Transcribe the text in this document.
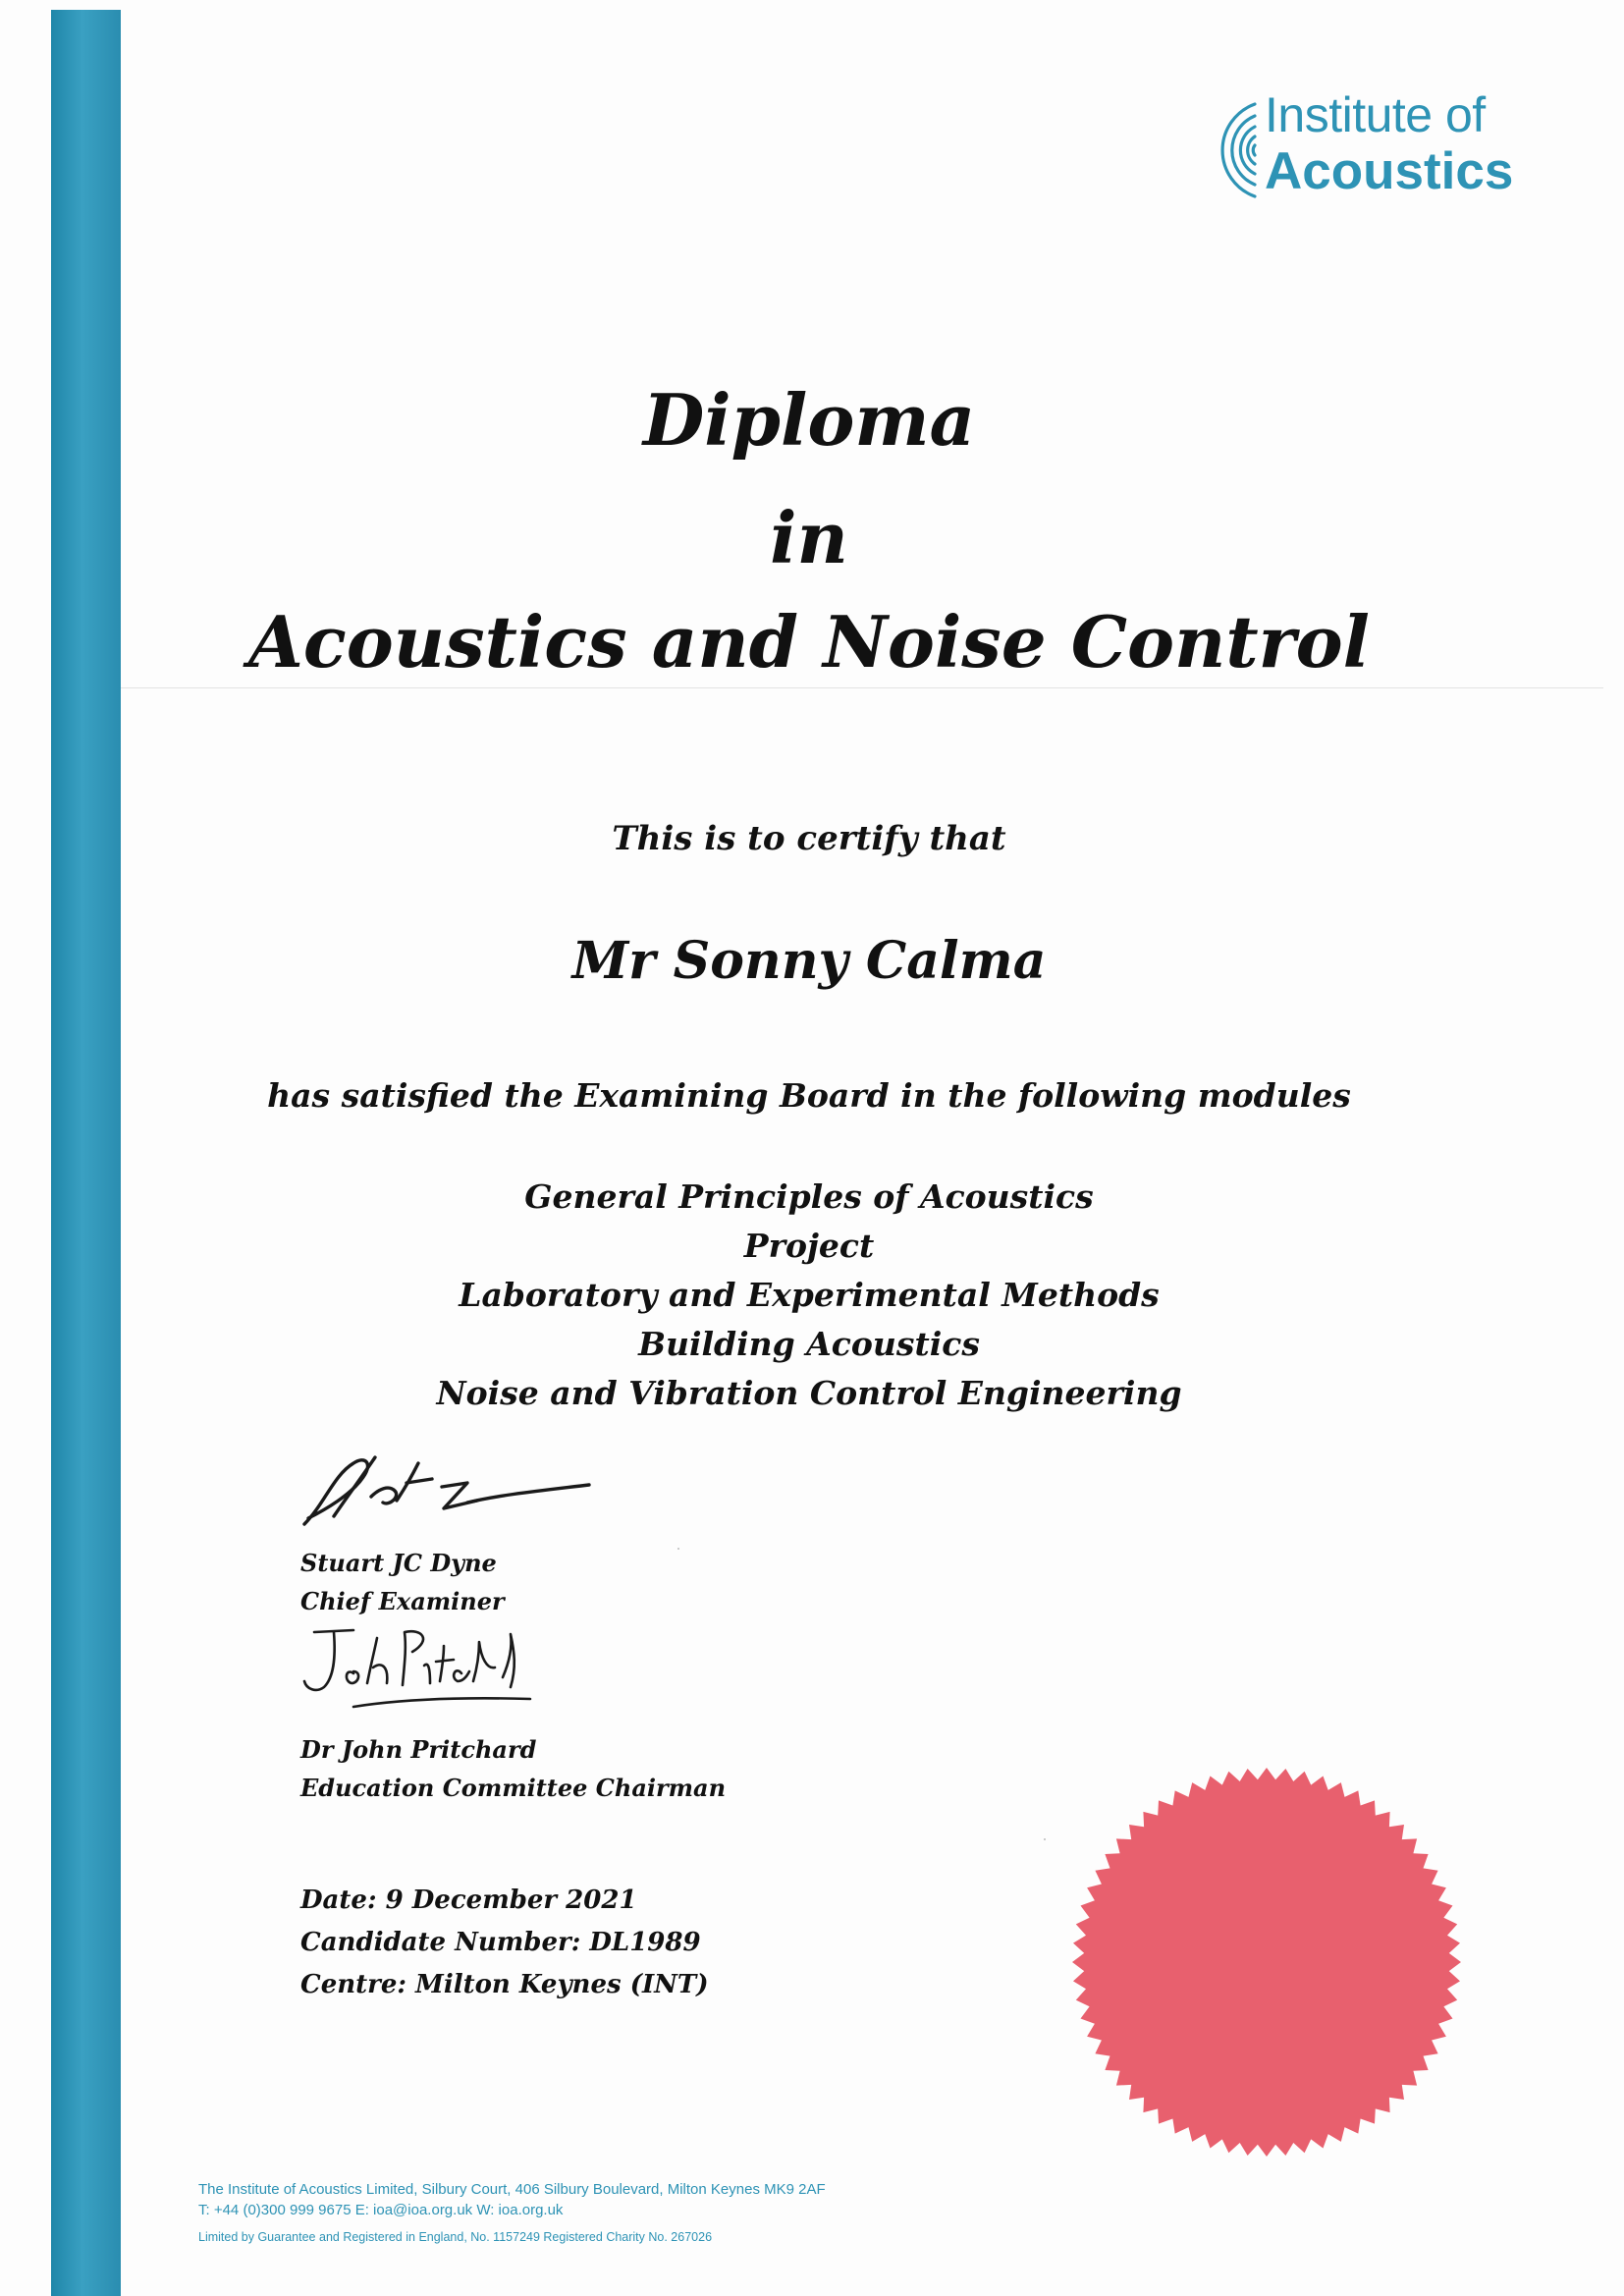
Institute of
Acoustics

Diploma

in

Acoustics and Noise Control

This is to certify that

Mr Sonny Calma

has satisfied the Examining Board in the following modules

General Principles of Acoustics
Project
Laboratory and Experimental Methods
Building Acoustics
Noise and Vibration Control Engineering
Stuart JC Dyne
Chief Examiner
Dr John Pritchard
Education Committee Chairman
Date: 9 December 2021
Candidate Number: DL1989
Centre: Milton Keynes (INT)

The Institute of Acoustics Limited, Silbury Court, 406 Silbury Boulevard, Milton Keynes MK9 2AF

T: +44 (0)300 999 9675 E: ioa@ioa.org.uk W: ioa.org.uk

Limited by Guarantee and Registered in England, No. 1157249 Registered Charity No. 267026
